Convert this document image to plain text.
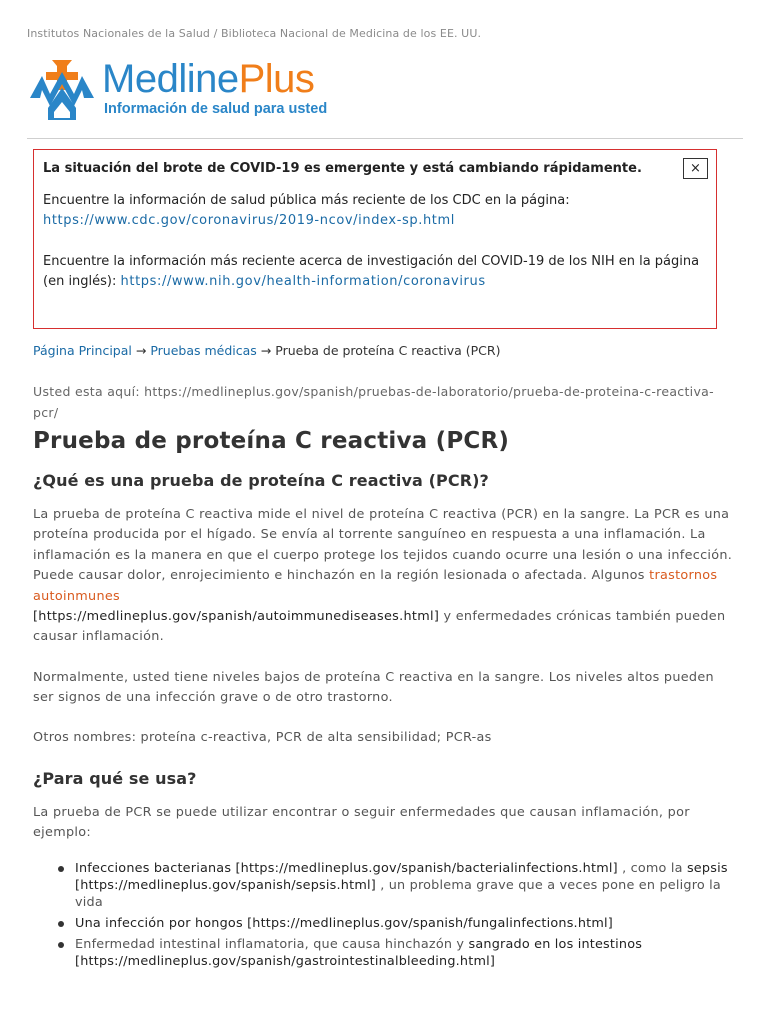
Institutos Nacionales de la Salud / Biblioteca Nacional de Medicina de los EE. UU.
MedlinePlus
Información de salud para usted

La situación del brote de COVID-19 es emergente y está cambiando rápidamente.	×

Encuentre la información de salud pública más reciente de los CDC en la página:
https://www.cdc.gov/coronavirus/2019-ncov/index-sp.html

Encuentre la información más reciente acerca de investigación del COVID-19 de los NIH en la página (en inglés): https://www.nih.gov/health-information/coronavirus

Página Principal → Pruebas médicas → Prueba de proteína C reactiva (PCR)
Usted esta aquí: https://medlineplus.gov/spanish/pruebas-de-laboratorio/prueba-de-proteina-c-reactiva-pcr/
Prueba de proteína C reactiva (PCR)
¿Qué es una prueba de proteína C reactiva (PCR)?

La prueba de proteína C reactiva mide el nivel de proteína C reactiva (PCR) en la sangre. La PCR es una proteína producida por el hígado. Se envía al torrente sanguíneo en respuesta a una inflamación. La inflamación es la manera en que el cuerpo protege los tejidos cuando ocurre una lesión o una infección. Puede causar dolor, enrojecimiento e hinchazón en la región lesionada o afectada. Algunos trastornos autoinmunes
[https://medlineplus.gov/spanish/autoimmunediseases.html] y enfermedades crónicas también pueden causar inflamación.

Normalmente, usted tiene niveles bajos de proteína C reactiva en la sangre. Los niveles altos pueden ser signos de una infección grave o de otro trastorno.

Otros nombres: proteína c-reactiva, PCR de alta sensibilidad; PCR-as

¿Para qué se usa?

La prueba de PCR se puede utilizar encontrar o seguir enfermedades que causan inflamación, por ejemplo:

Infecciones bacterianas [https://medlineplus.gov/spanish/bacterialinfections.html] , como la sepsis [https://medlineplus.gov/spanish/sepsis.html] , un problema grave que a veces pone en peligro la vida
Una infección por hongos [https://medlineplus.gov/spanish/fungalinfections.html]
Enfermedad intestinal inflamatoria, que causa hinchazón y sangrado en los intestinos [https://medlineplus.gov/spanish/gastrointestinalbleeding.html]
